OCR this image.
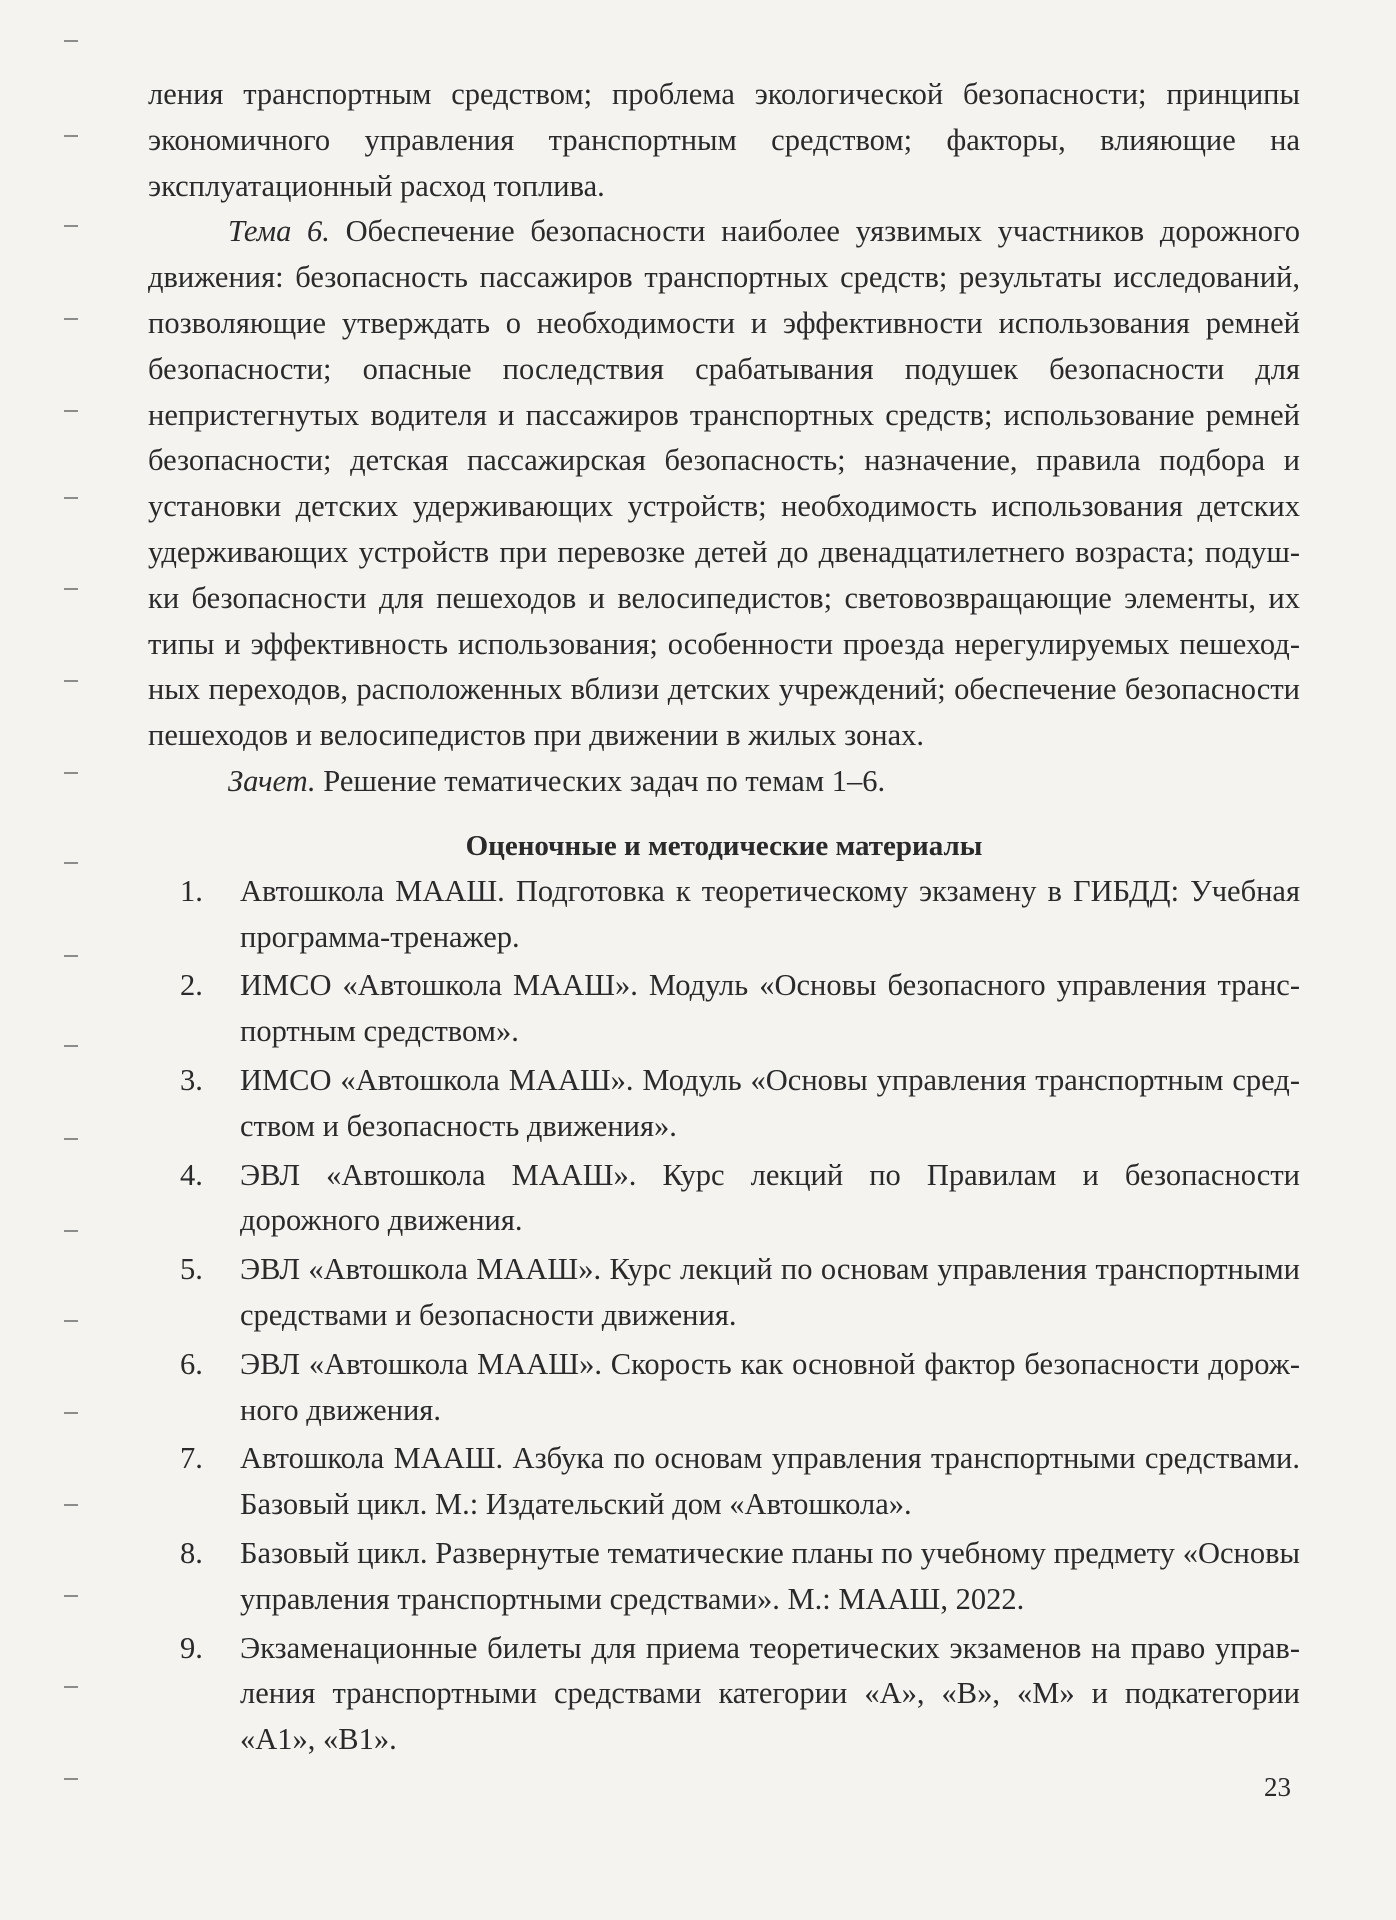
ления транспортным средством; проблема экологической безопасности; принципы экономичного управления транспортным средством; факторы, влияющие на эксплуатационный расход топлива.

Тема 6. Обеспечение безопасности наиболее уязвимых участников дорожного движения: безопасность пассажиров транспортных средств; результаты исследований, позволяющие утверждать о необходимости и эффективности использования ремней безопасности; опасные последствия срабатывания подушек безопасности для непристегнутых водителя и пассажиров транспортных средств; использование ремней безопасности; детская пассажирская безопасность; назначение, правила подбора и установки детских удерживающих устройств; необходимость использования детских удерживающих устройств при перевозке детей до двенадцатилетнего возраста; подушки безопасности для пешеходов и велосипедистов; световозвращающие элементы, их типы и эффективность использования; особенности проезда нерегулируемых пешеходных переходов, расположенных вблизи детских учреждений; обеспечение безопасности пешеходов и велосипедистов при движении в жилых зонах.

Зачет. Решение тематических задач по темам 1–6.

Оценочные и методические материалы
1. Автошкола МААШ. Подготовка к теоретическому экзамену в ГИБДД: Учебная программа-тренажер.
2. ИМСО «Автошкола МААШ». Модуль «Основы безопасного управления транспортным средством».
3. ИМСО «Автошкола МААШ». Модуль «Основы управления транспортным средством и безопасность движения».
4. ЭВЛ «Автошкола МААШ». Курс лекций по Правилам и безопасности дорожного движения.
5. ЭВЛ «Автошкола МААШ». Курс лекций по основам управления транспортными средствами и безопасности движения.
6. ЭВЛ «Автошкола МААШ». Скорость как основной фактор безопасности дорожного движения.
7. Автошкола МААШ. Азбука по основам управления транспортными средствами. Базовый цикл. М.: Издательский дом «Автошкола».
8. Базовый цикл. Развернутые тематические планы по учебному предмету «Основы управления транспортными средствами». М.: МААШ, 2022.
9. Экзаменационные билеты для приема теоретических экзаменов на право управления транспортными средствами категории «А», «В», «М» и подкатегории «А1», «В1».
23
